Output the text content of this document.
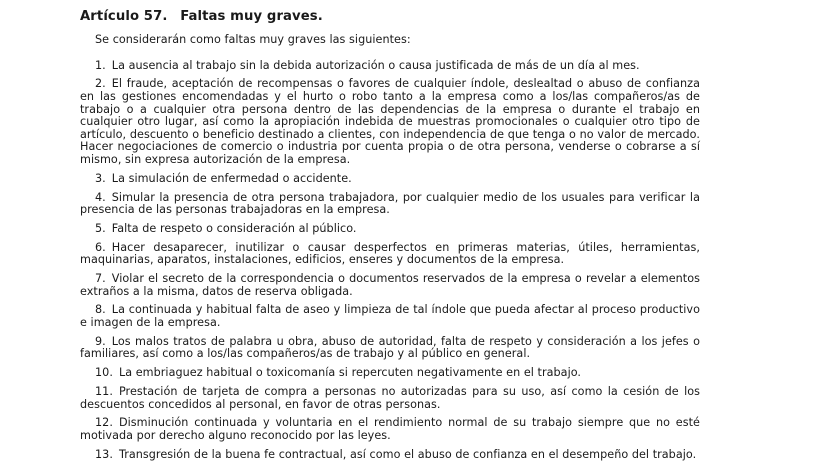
Artículo 57. Faltas muy graves.

Se considerarán como faltas muy graves las siguientes:

1. La ausencia al trabajo sin la debida autorización o causa justificada de más de un día al mes.
2. El fraude, aceptación de recompensas o favores de cualquier índole, deslealtad o abuso de confianza en las gestiones encomendadas y el hurto o robo tanto a la empresa como a los/las compañeros/as de trabajo o a cualquier otra persona dentro de las dependencias de la empresa o durante el trabajo en cualquier otro lugar, así como la apropiación indebida de muestras promocionales o cualquier otro tipo de artículo, descuento o beneficio destinado a clientes, con independencia de que tenga o no valor de mercado. Hacer negociaciones de comercio o industria por cuenta propia o de otra persona, venderse o cobrarse a sí mismo, sin expresa autorización de la empresa.
3. La simulación de enfermedad o accidente.
4. Simular la presencia de otra persona trabajadora, por cualquier medio de los usuales para verificar la presencia de las personas trabajadoras en la empresa.
5. Falta de respeto o consideración al público.
6. Hacer desaparecer, inutilizar o causar desperfectos en primeras materias, útiles, herramientas, maquinarias, aparatos, instalaciones, edificios, enseres y documentos de la empresa.
7. Violar el secreto de la correspondencia o documentos reservados de la empresa o revelar a elementos extraños a la misma, datos de reserva obligada.
8. La continuada y habitual falta de aseo y limpieza de tal índole que pueda afectar al proceso productivo e imagen de la empresa.
9. Los malos tratos de palabra u obra, abuso de autoridad, falta de respeto y consideración a los jefes o familiares, así como a los/las compañeros/as de trabajo y al público en general.
10. La embriaguez habitual o toxicomanía si repercuten negativamente en el trabajo.
11. Prestación de tarjeta de compra a personas no autorizadas para su uso, así como la cesión de los descuentos concedidos al personal, en favor de otras personas.
12. Disminución continuada y voluntaria en el rendimiento normal de su trabajo siempre que no esté motivada por derecho alguno reconocido por las leyes.
13. Transgresión de la buena fe contractual, así como el abuso de confianza en el desempeño del trabajo.
